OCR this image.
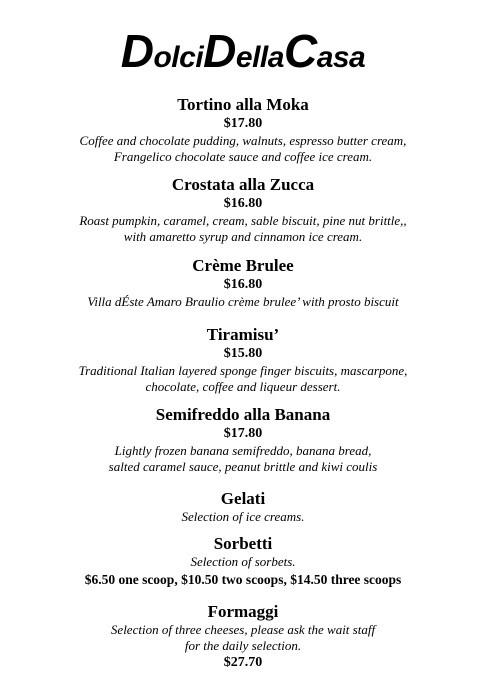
DolciDellaCasa
Tortino alla Moka
$17.80
Coffee and chocolate pudding, walnuts, espresso butter cream,
Frangelico chocolate sauce and coffee ice cream.
Crostata alla Zucca
$16.80
Roast pumpkin, caramel, cream, sable biscuit, pine nut brittle,,
with amaretto syrup and cinnamon ice cream.
Crème Brulee
$16.80
Villa dÉste Amaro Braulio crème brulee’ with prosto biscuit
Tiramisu’
$15.80
Traditional Italian layered sponge finger biscuits, mascarpone,
chocolate, coffee and liqueur dessert.
Semifreddo alla Banana
$17.80
Lightly frozen banana semifreddo, banana bread,
salted caramel sauce, peanut brittle and kiwi coulis
Gelati
Selection of ice creams.
Sorbetti
Selection of sorbets.
$6.50 one scoop, $10.50 two scoops, $14.50 three scoops
Formaggi
Selection of three cheeses, please ask the wait staff
for the daily selection.
$27.70
